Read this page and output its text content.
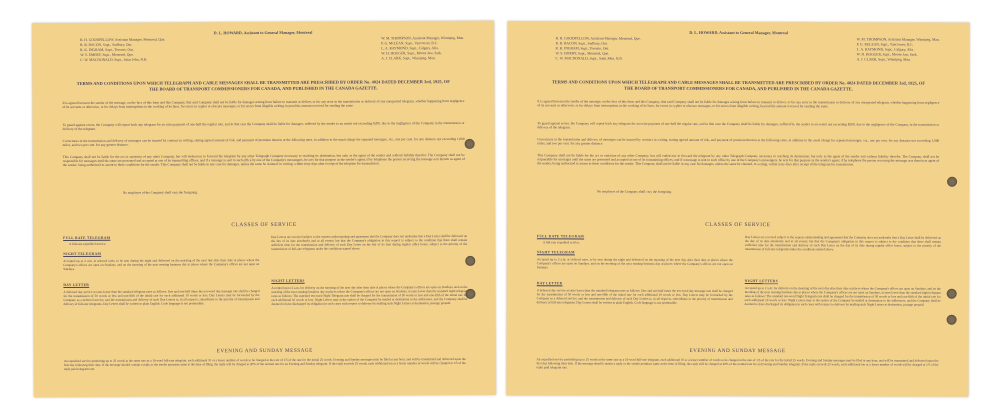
D. L. HOWARD, Assistant to General Manager, Montreal
R. H. GOODFELLOW, Assistant Manager, Montreal, Que.
R. R. BACON, Supt., Sudbury, Ont.
R. K. INGRAM, Supt., Toronto, Ont.
W. S. EMERY, Supt., Montreal, Que.
C. W. MACDONALD, Supt., Saint John, N.B.
W. M. THOMPSON, Assistant Manager, Winnipeg, Man.
P. G. McLEAN, Supt., Vancouver, B.C.
L. A. RAYMOND, Supt., Calgary, Alta.
W. H. HOGGER, Supt., Moose Jaw, Sask.
A. J. CLARK, Supt., Winnipeg, Man.
TERMS AND CONDITIONS UPON WHICH TELEGRAPH AND CABLE MESSAGES SHALL BE TRANSMITTED ARE PRESCRIBED BY ORDER No. 4024 DATED DECEMBER 3rd, 1925, OF THE BOARD OF TRANSPORT COMMISSIONERS FOR CANADA, AND PUBLISHED IN THE CANADA GAZETTE.
It is agreed between the sender of the message, on the face of this form and this Company, that said Company shall not be liable for damages arising from failure to transmit or deliver, or for any error in the transmission or delivery of any unrepeated telegram, whether happening from negligence of its servants or otherwise, or for delays from interruptions in the working of its lines, for errors in cypher or obscure messages, or for errors from illegible writing, beyond the amount received for sending the same.
To guard against errors, the Company will repeat back any telegram for an extra payment of one-half the regular rate, and in that case the Company shall be liable for damages, suffered by the sender to an extent not exceeding $200, due to the negligence of the Company in the transmission or delivery of the telegram.
Correctness in the transmission and delivery of messages can be insured by contract in writing, stating agreed amount of risk, and payment of premium thereon at the following rates, in addition to the usual charge for repeated messages, viz., one per cent. for any distance not exceeding 1,000 miles, and two per cent. for any greater distance.
This Company shall not be liable for the act or omission of any other Company, but will endeavour to forward the telegram by any other Telegraph Company necessary to reaching its destination, but only as the agent of the sender and without liability therefor. The Company shall not be responsible for messages until the same are presented and accepted at one of its transmitting offices; and if a message is sent to such office by one of the Company's messengers, he acts for that purpose as the sender's agent; if by telephone the person receiving the message acts therein as agent of the sender, being authorized to assent to these conditions for the sender. This Company shall not be liable in any case for damages, unless the same be claimed, in writing, within sixty days after receipt of the telegram for transmission.
No employee of the Company shall vary the foregoing.
CLASSES OF SERVICE
FULL RATE TELEGRAM
A full-rate expedited service.
NIGHT TELEGRAM
Accepted up to 2 a.m. at reduced rates, to be sent during the night and delivered on the morning of the next day after their date at places where the Company's offices are open on Sundays, and on the morning of the next ensuing business day at places where the Company's offices are not open on Sundays.
DAY LETTER
A deferred day service at rates lower than the standard telegram rates as follows: One and one-half times the ten-word day message rate shall be charged for the transmission of 50 words or less and one-fifth of the initial rate for each additional 10 words or less. Day Letters may be forwarded by the Company as a deferred service, and the transmission and delivery of such Day Letters is, in all respects, subordinate to the priority of transmission and delivery of full-rate telegrams. Day Letters shall be written in plain English. Code language is not permissible.
Day Letters are received subject to the express understanding and agreement that the Company does not undertake that a Day Letter shall be delivered on the day of its date absolutely and at all events; but that the Company's obligation in this respect is subject to the condition that there shall remain sufficient time for the transmission and delivery of such Day Letter on the day of its date during regular office hours, subject to the priority of the transmission of full-rate telegrams under the conditions named above.
NIGHT LETTERS
Accepted up to 2 a.m. for delivery on the morning of the next day after their date at places where the Company's offices are open on Sundays, and on the morning of the next ensuing business day at places where the Company's offices are not open on Sundays, at rates lower than the standard night telegram rates as follows: The standard ten-word Night Telegram rate shall be charged for the transmission of 50 words or less and one-fifth of the initial rate for each additional 10 words or less. Night Letters may at the option of the Company be mailed at destination to the addressees, and the Company shall be deemed to have discharged its obligation in such cases with respect to delivery by mailing such Night Letters at destination, postage prepaid.
EVENING AND SUNDAY MESSAGE
An expedited service permitting up to 25 words at the same rate as a 10-word full-rate telegram, each additional 10 or a lesser number of words to be charged at the rate of 1/5 of the rate for the initial 25 words. Evening and Sunday messages may be filed at any hour, and will be transmitted and delivered upon the first day following their date. If the message should contain a reply or the sender promises same at the time of filing, the reply will be charged at 20% of the normal rate for an Evening and Sunday telegram. If the reply exceeds 25 words, each additional ten or a lesser number of words will be charged at 1/5 of the reply paid telegram rate.
D. L. HOWARD, Assistant to General Manager, Montreal
R. H. GOODFELLOW, Assistant Manager, Montreal, Que.
R. R. BACON, Supt., Sudbury, Ont.
R. K. INGRAM, Supt., Toronto, Ont.
W. S. EMERY, Supt., Montreal, Que.
C. W. MACDONALD, Supt., Saint John, N.B.
W. M. THOMPSON, Assistant Manager, Winnipeg, Man.
P. G. McLEAN, Supt., Vancouver, B.C.
L. A. RAYMOND, Supt., Calgary, Alta.
W. H. HOGGER, Supt., Moose Jaw, Sask.
A. J. CLARK, Supt., Winnipeg, Man.
TERMS AND CONDITIONS UPON WHICH TELEGRAPH AND CABLE MESSAGES SHALL BE TRANSMITTED ARE PRESCRIBED BY ORDER No. 4024 DATED DECEMBER 3rd, 1925, OF THE BOARD OF TRANSPORT COMMISSIONERS FOR CANADA, AND PUBLISHED IN THE CANADA GAZETTE.
It is agreed between the sender of the message, on the face of this form and this Company, that said Company shall not be liable for damages arising from failure to transmit or deliver, or for any error in the transmission or delivery of any unrepeated telegram, whether happening from negligence of its servants or otherwise, or for delays from interruptions in the working of its lines, for errors in cypher or obscure messages, or for errors from illegible writing, beyond the amount received for sending the same.
To guard against errors, the Company will repeat back any telegram for an extra payment of one-half the regular rate, and in that case the Company shall be liable for damages, suffered by the sender to an extent not exceeding $200, due to the negligence of the Company in the transmission or delivery of the telegram.
Correctness in the transmission and delivery of messages can be insured by contract in writing, stating agreed amount of risk, and payment of premium thereon at the following rates, in addition to the usual charge for repeated messages, viz., one per cent. for any distance not exceeding 1,000 miles, and two per cent. for any greater distance.
This Company shall not be liable for the act or omission of any other Company, but will endeavour to forward the telegram by any other Telegraph Company necessary to reaching its destination, but only as the agent of the sender and without liability therefor. The Company shall not be responsible for messages until the same are presented and accepted at one of its transmitting offices; and if a message is sent to such office by one of the Company's messengers, he acts for that purpose as the sender's agent; if by telephone the person receiving the message acts therein as agent of the sender, being authorized to assent to these conditions for the sender. This Company shall not be liable in any case for damages, unless the same be claimed, in writing, within sixty days after receipt of the telegram for transmission.
No employee of the Company shall vary the foregoing.
CLASSES OF SERVICE
FULL RATE TELEGRAM
A full-rate expedited service.
NIGHT TELEGRAM
Accepted up to 2 a.m. at reduced rates, to be sent during the night and delivered on the morning of the next day after their date at places where the Company's offices are open on Sundays, and on the morning of the next ensuing business day at places where the Company's offices are not open on Sundays.
DAY LETTER
A deferred day service at rates lower than the standard telegram rates as follows: One and one-half times the ten-word day message rate shall be charged for the transmission of 50 words or less and one-fifth of the initial rate for each additional 10 words or less. Day Letters may be forwarded by the Company as a deferred service, and the transmission and delivery of such Day Letters is, in all respects, subordinate to the priority of transmission and delivery of full-rate telegrams. Day Letters shall be written in plain English. Code language is not permissible.
Day Letters are received subject to the express understanding and agreement that the Company does not undertake that a Day Letter shall be delivered on the day of its date absolutely and at all events; but that the Company's obligation in this respect is subject to the condition that there shall remain sufficient time for the transmission and delivery of such Day Letter on the day of its date during regular office hours, subject to the priority of the transmission of full-rate telegrams under the conditions named above.
NIGHT LETTERS
Accepted up to 2 a.m. for delivery on the morning of the next day after their date at places where the Company's offices are open on Sundays, and on the morning of the next ensuing business day at places where the Company's offices are not open on Sundays, at rates lower than the standard night telegram rates as follows: The standard ten-word Night Telegram rate shall be charged for the transmission of 50 words or less and one-fifth of the initial rate for each additional 10 words or less. Night Letters may at the option of the Company be mailed at destination to the addressees, and the Company shall be deemed to have discharged its obligation in such cases with respect to delivery by mailing such Night Letters at destination, postage prepaid.
EVENING AND SUNDAY MESSAGE
An expedited service permitting up to 25 words at the same rate as a 10-word full-rate telegram, each additional 10 or a lesser number of words to be charged at the rate of 1/5 of the rate for the initial 25 words. Evening and Sunday messages may be filed at any hour, and will be transmitted and delivered upon the first day following their date. If the message should contain a reply or the sender promises same at the time of filing, the reply will be charged at 20% of the normal rate for an Evening and Sunday telegram. If the reply exceeds 25 words, each additional ten or a lesser number of words will be charged at 1/5 of the reply paid telegram rate.
